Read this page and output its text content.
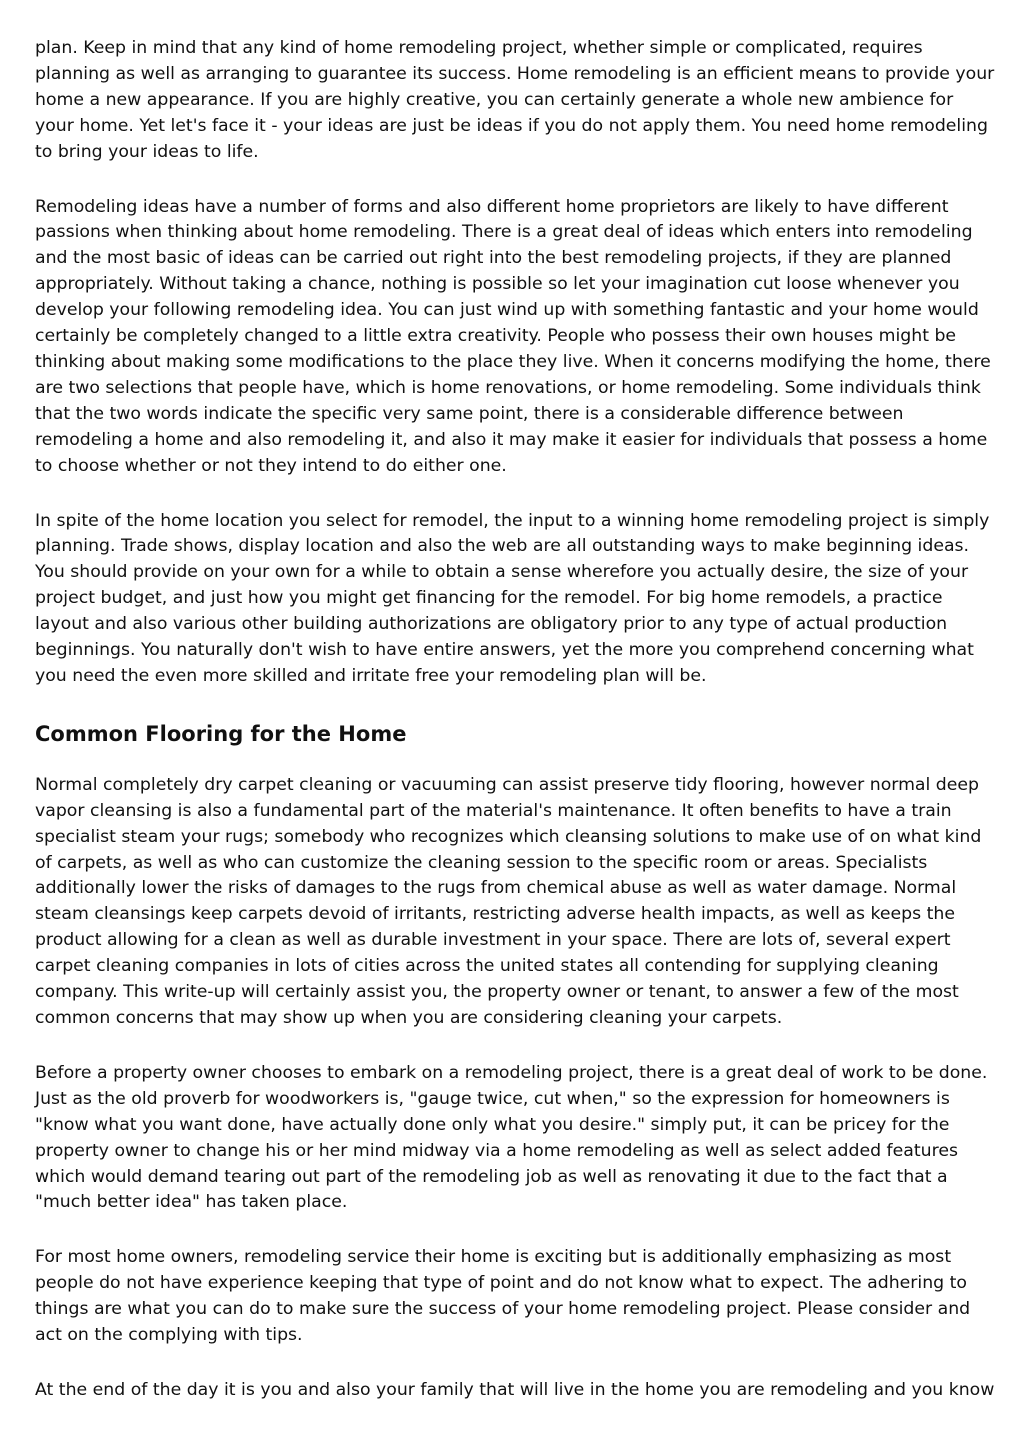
plan. Keep in mind that any kind of home remodeling project, whether simple or complicated, requires planning as well as arranging to guarantee its success. Home remodeling is an efficient means to provide your home a new appearance. If you are highly creative, you can certainly generate a whole new ambience for your home. Yet let's face it - your ideas are just be ideas if you do not apply them. You need home remodeling to bring your ideas to life.

Remodeling ideas have a number of forms and also different home proprietors are likely to have different passions when thinking about home remodeling. There is a great deal of ideas which enters into remodeling and the most basic of ideas can be carried out right into the best remodeling projects, if they are planned appropriately. Without taking a chance, nothing is possible so let your imagination cut loose whenever you develop your following remodeling idea. You can just wind up with something fantastic and your home would certainly be completely changed to a little extra creativity. People who possess their own houses might be thinking about making some modifications to the place they live. When it concerns modifying the home, there are two selections that people have, which is home renovations, or home remodeling. Some individuals think that the two words indicate the specific very same point, there is a considerable difference between remodeling a home and also remodeling it, and also it may make it easier for individuals that possess a home to choose whether or not they intend to do either one.

In spite of the home location you select for remodel, the input to a winning home remodeling project is simply planning. Trade shows, display location and also the web are all outstanding ways to make beginning ideas. You should provide on your own for a while to obtain a sense wherefore you actually desire, the size of your project budget, and just how you might get financing for the remodel. For big home remodels, a practice layout and also various other building authorizations are obligatory prior to any type of actual production beginnings. You naturally don't wish to have entire answers, yet the more you comprehend concerning what you need the even more skilled and irritate free your remodeling plan will be.

Common Flooring for the Home

Normal completely dry carpet cleaning or vacuuming can assist preserve tidy flooring, however normal deep vapor cleansing is also a fundamental part of the material's maintenance. It often benefits to have a train specialist steam your rugs; somebody who recognizes which cleansing solutions to make use of on what kind of carpets, as well as who can customize the cleaning session to the specific room or areas. Specialists additionally lower the risks of damages to the rugs from chemical abuse as well as water damage. Normal steam cleansings keep carpets devoid of irritants, restricting adverse health impacts, as well as keeps the product allowing for a clean as well as durable investment in your space. There are lots of, several expert carpet cleaning companies in lots of cities across the united states all contending for supplying cleaning company. This write-up will certainly assist you, the property owner or tenant, to answer a few of the most common concerns that may show up when you are considering cleaning your carpets.

Before a property owner chooses to embark on a remodeling project, there is a great deal of work to be done. Just as the old proverb for woodworkers is, "gauge twice, cut when," so the expression for homeowners is "know what you want done, have actually done only what you desire." simply put, it can be pricey for the property owner to change his or her mind midway via a home remodeling as well as select added features which would demand tearing out part of the remodeling job as well as renovating it due to the fact that a "much better idea" has taken place.

For most home owners, remodeling service their home is exciting but is additionally emphasizing as most people do not have experience keeping that type of point and do not know what to expect. The adhering to things are what you can do to make sure the success of your home remodeling project. Please consider and act on the complying with tips.

At the end of the day it is you and also your family that will live in the home you are remodeling and you know
